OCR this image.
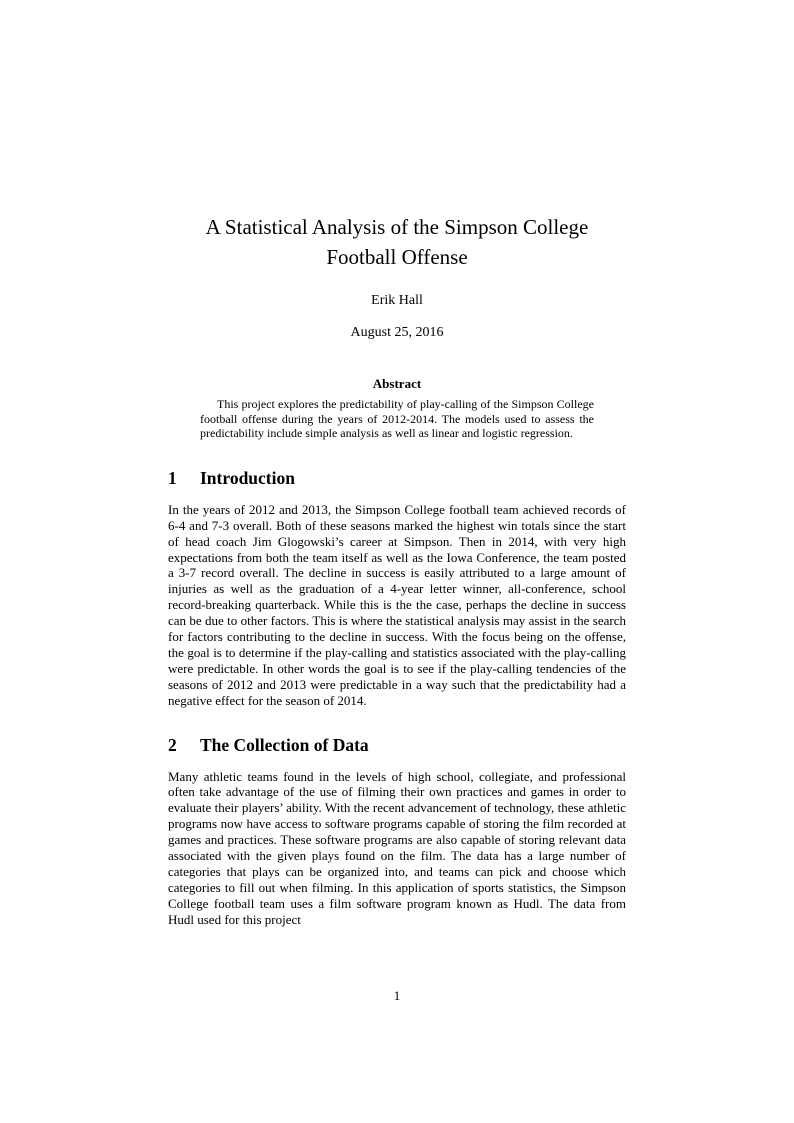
A Statistical Analysis of the Simpson College
Football Offense
Erik Hall
August 25, 2016
Abstract

This project explores the predictability of play-calling of the Simpson College football offense during the years of 2012-2014. The models used to assess the predictability include simple analysis as well as linear and logistic regression.

1 Introduction

In the years of 2012 and 2013, the Simpson College football team achieved records of 6-4 and 7-3 overall. Both of these seasons marked the highest win totals since the start of head coach Jim Glogowski’s career at Simpson. Then in 2014, with very high expectations from both the team itself as well as the Iowa Conference, the team posted a 3-7 record overall. The decline in success is easily attributed to a large amount of injuries as well as the graduation of a 4-year letter winner, all-conference, school record-breaking quarterback. While this is the the case, perhaps the decline in success can be due to other factors. This is where the statistical analysis may assist in the search for factors contributing to the decline in success. With the focus being on the offense, the goal is to determine if the play-calling and statistics associated with the play-calling were predictable. In other words the goal is to see if the play-calling tendencies of the seasons of 2012 and 2013 were predictable in a way such that the predictability had a negative effect for the season of 2014.

2 The Collection of Data

Many athletic teams found in the levels of high school, collegiate, and professional often take advantage of the use of filming their own practices and games in order to evaluate their players’ ability. With the recent advancement of technology, these athletic programs now have access to software programs capable of storing the film recorded at games and practices. These software programs are also capable of storing relevant data associated with the given plays found on the film. The data has a large number of categories that plays can be organized into, and teams can pick and choose which categories to fill out when filming. In this application of sports statistics, the Simpson College football team uses a film software program known as Hudl. The data from Hudl used for this project

1
